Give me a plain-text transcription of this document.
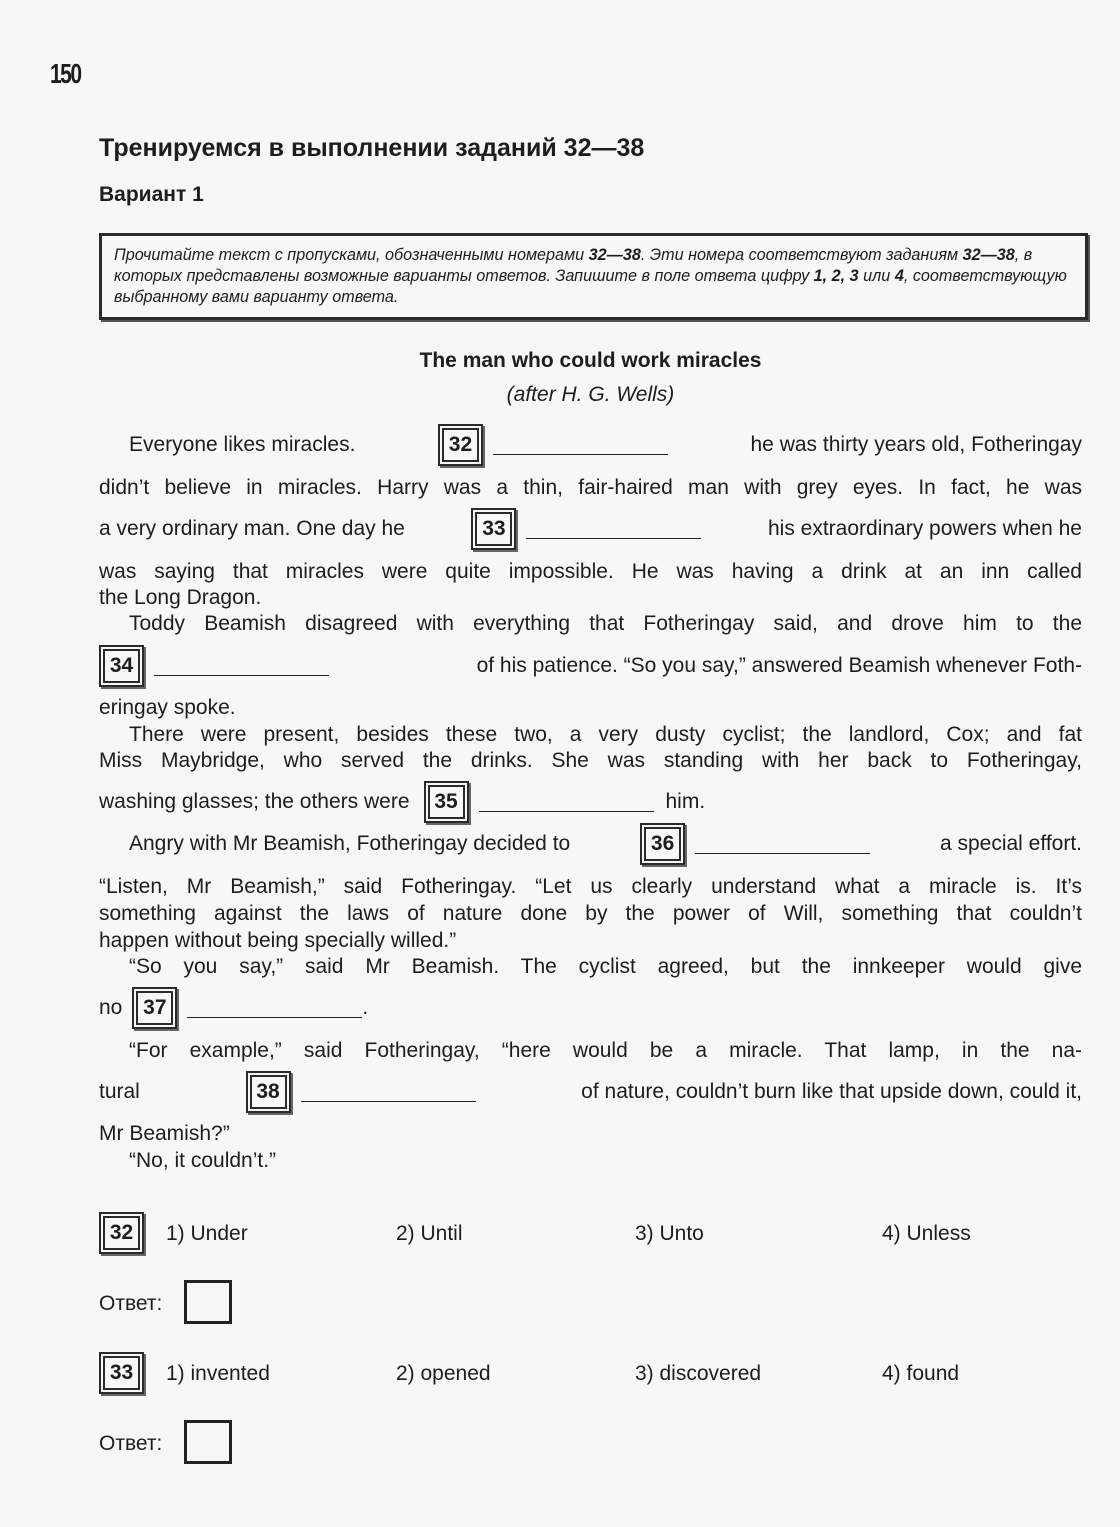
150
Тренируемся в выполнении заданий 32—38
Вариант 1
Прочитайте текст с пропусками, обозначенными номерами 32—38. Эти номера соответствуют заданиям 32—38, в которых представлены возможные варианты ответов. Запишите в поле ответа цифру 1, 2, 3 или 4, соответствующую выбранному вами варианту ответа.
The man who could work miracles
(after H. G. Wells)
Everyone likes miracles.	32	he was thirty years old, Fotheringay
didn’t believe in miracles. Harry was a thin, fair-haired man with grey eyes. In fact, he was
a very ordinary man. One day he	33	his extraordinary powers when he
was saying that miracles were quite impossible. He was having a drink at an inn called
the Long Dragon.
Toddy Beamish disagreed with everything that Fotheringay said, and drove him to the
34	of his patience. “So you say,” answered Beamish whenever Foth-
eringay spoke.
There were present, besides these two, a very dusty cyclist; the landlord, Cox; and fat
Miss Maybridge, who served the drinks. She was standing with her back to Fotheringay,
washing glasses; the others were	35	him.
Angry with Mr Beamish, Fotheringay decided to	36	a special effort.
“Listen, Mr Beamish,” said Fotheringay. “Let us clearly understand what a miracle is. It’s
something against the laws of nature done by the power of Will, something that couldn’t
happen without being specially willed.”
“So you say,” said Mr Beamish. The cyclist agreed, but the innkeeper would give
no 37	.
“For example,” said Fotheringay, “here would be a miracle. That lamp, in the na-
tural	38	of nature, couldn’t burn like that upside down, could it,
Mr Beamish?”
“No, it couldn’t.”
32	1) Under	2) Until	3) Unto	4) Unless
Ответ:
33	1) invented	2) opened	3) discovered	4) found
Ответ:
